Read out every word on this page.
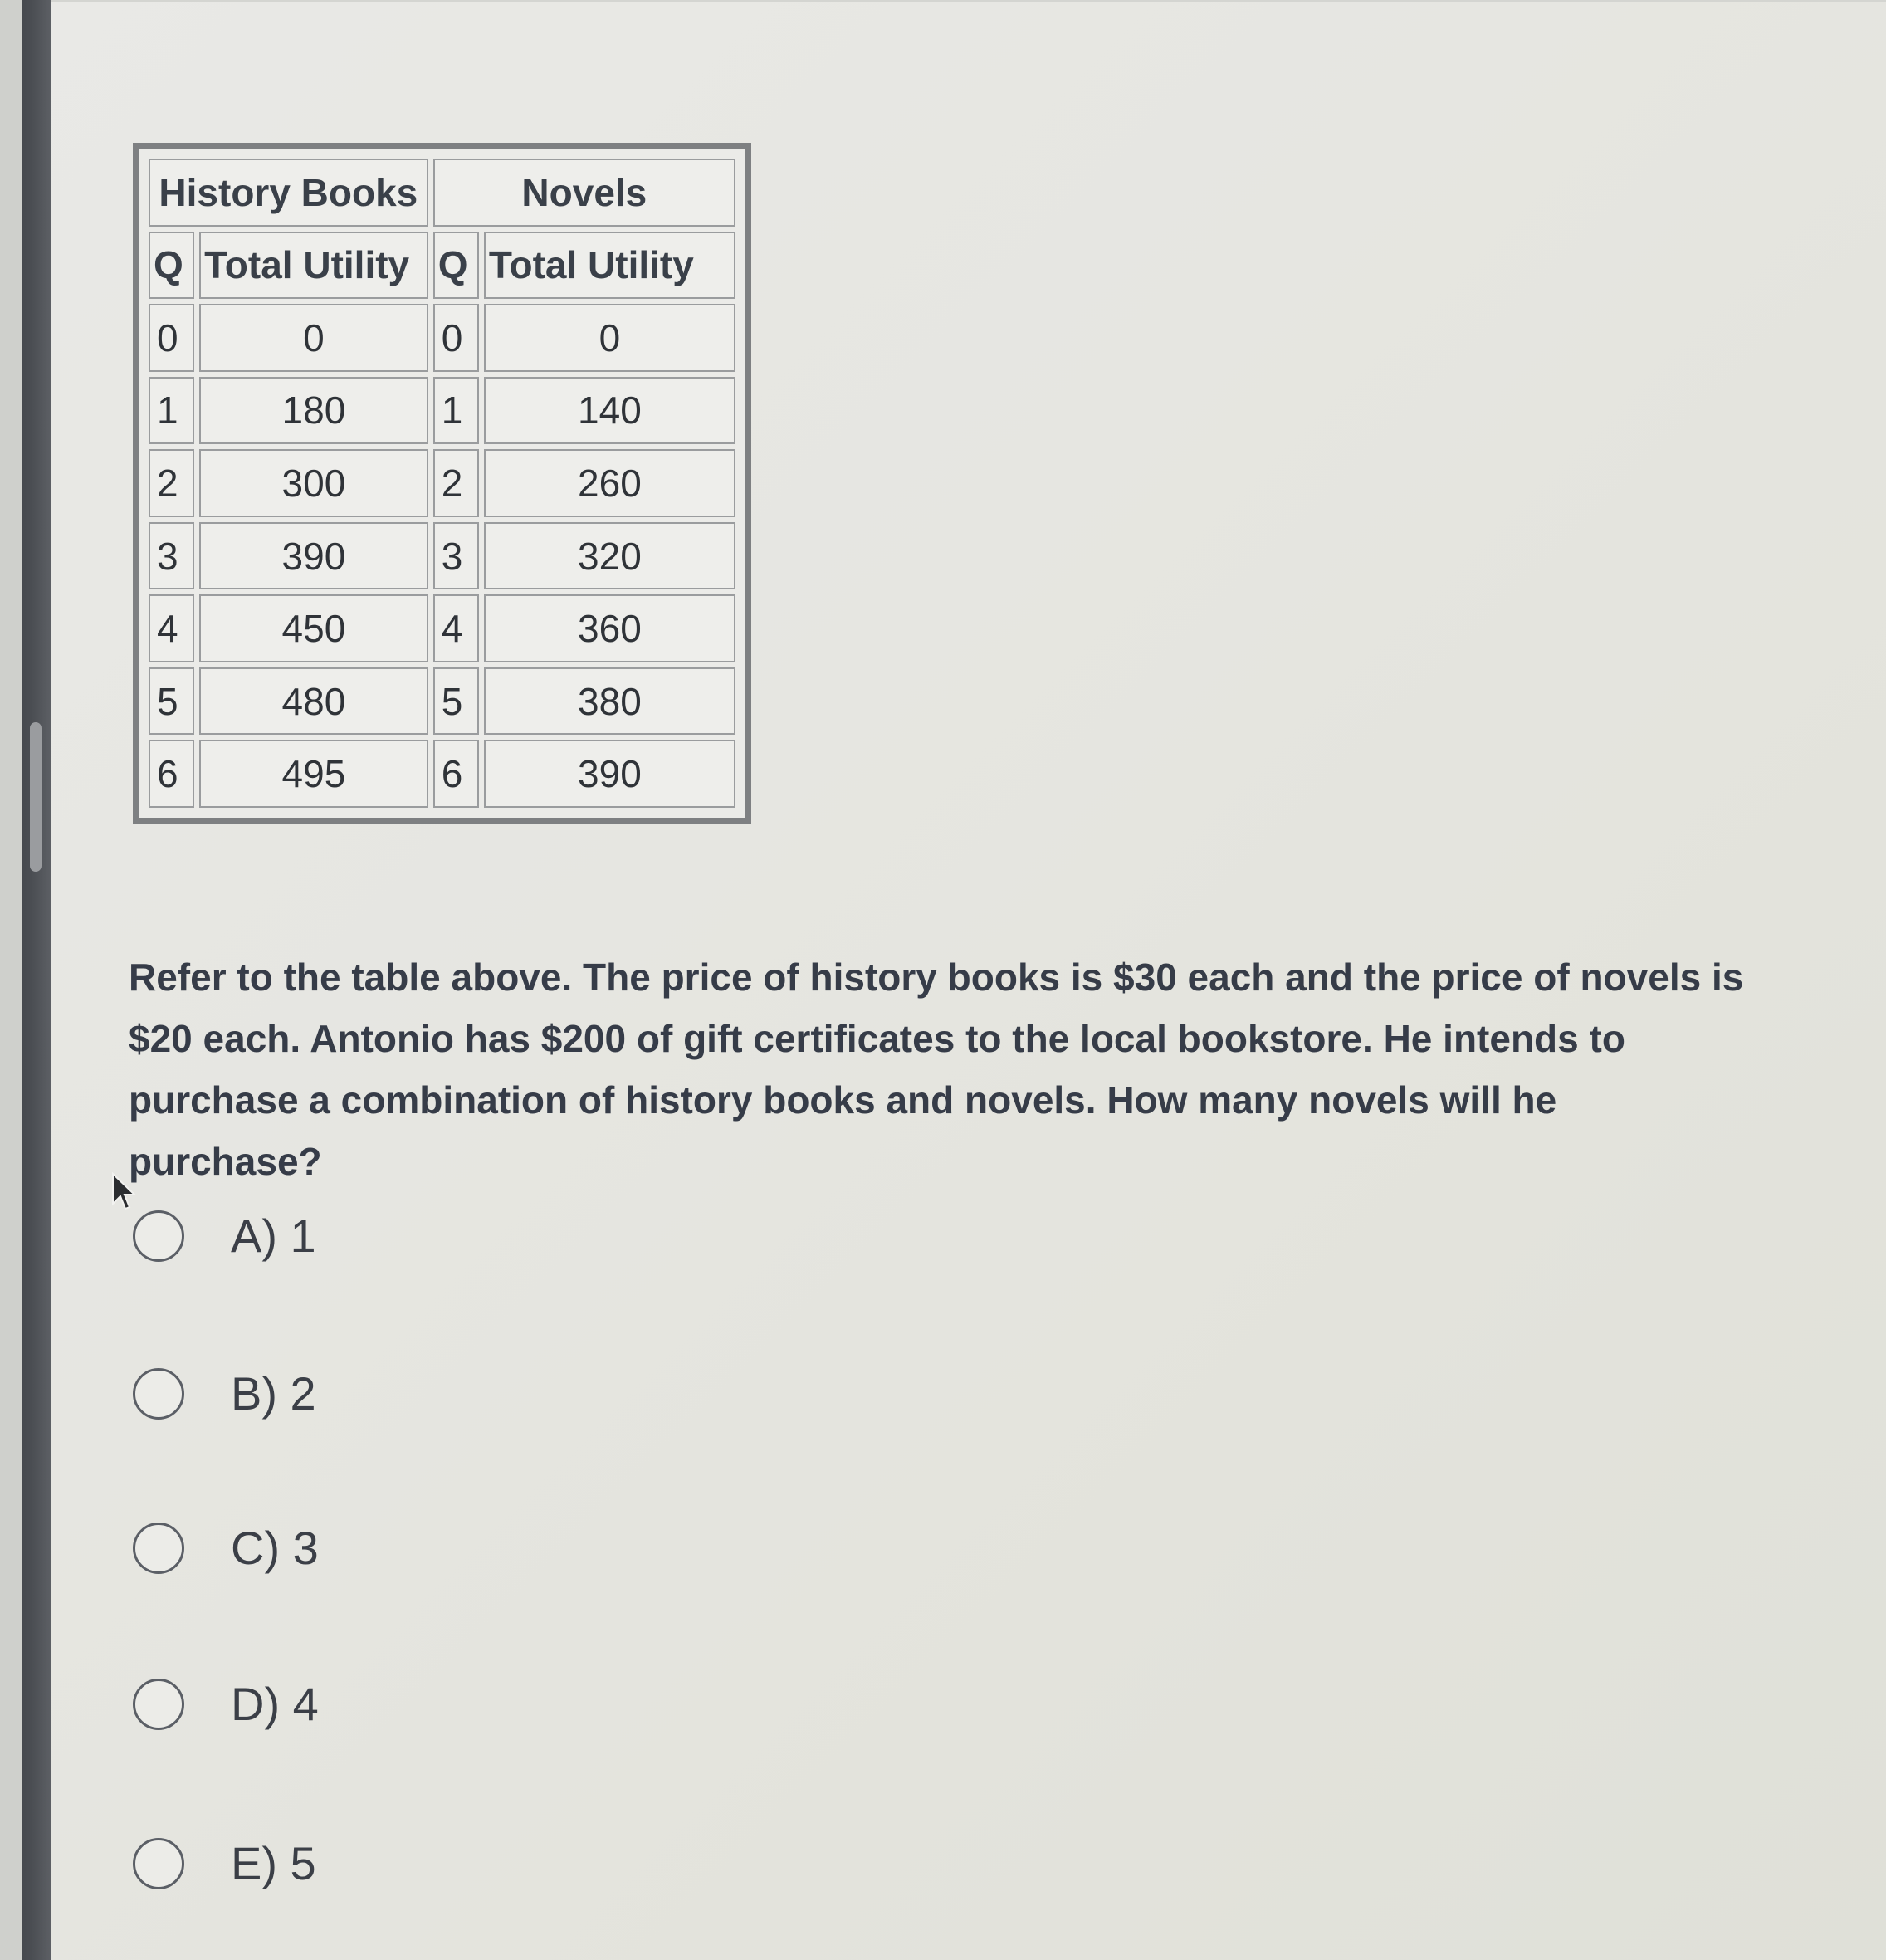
History Books		Novels	
Q	Total Utility	Q	Total Utility
0	0	0	0
1	180	1	140
2	300	2	260
3	390	3	320
4	450	4	360
5	480	5	380
6	495	6	390

Refer to the table above. The price of history books is $30 each and the price of novels is $20 each. Antonio has $200 of gift certificates to the local bookstore. He intends to purchase a combination of history books and novels. How many novels will he purchase?

A) 1
B) 2
C) 3
D) 4
E) 5
